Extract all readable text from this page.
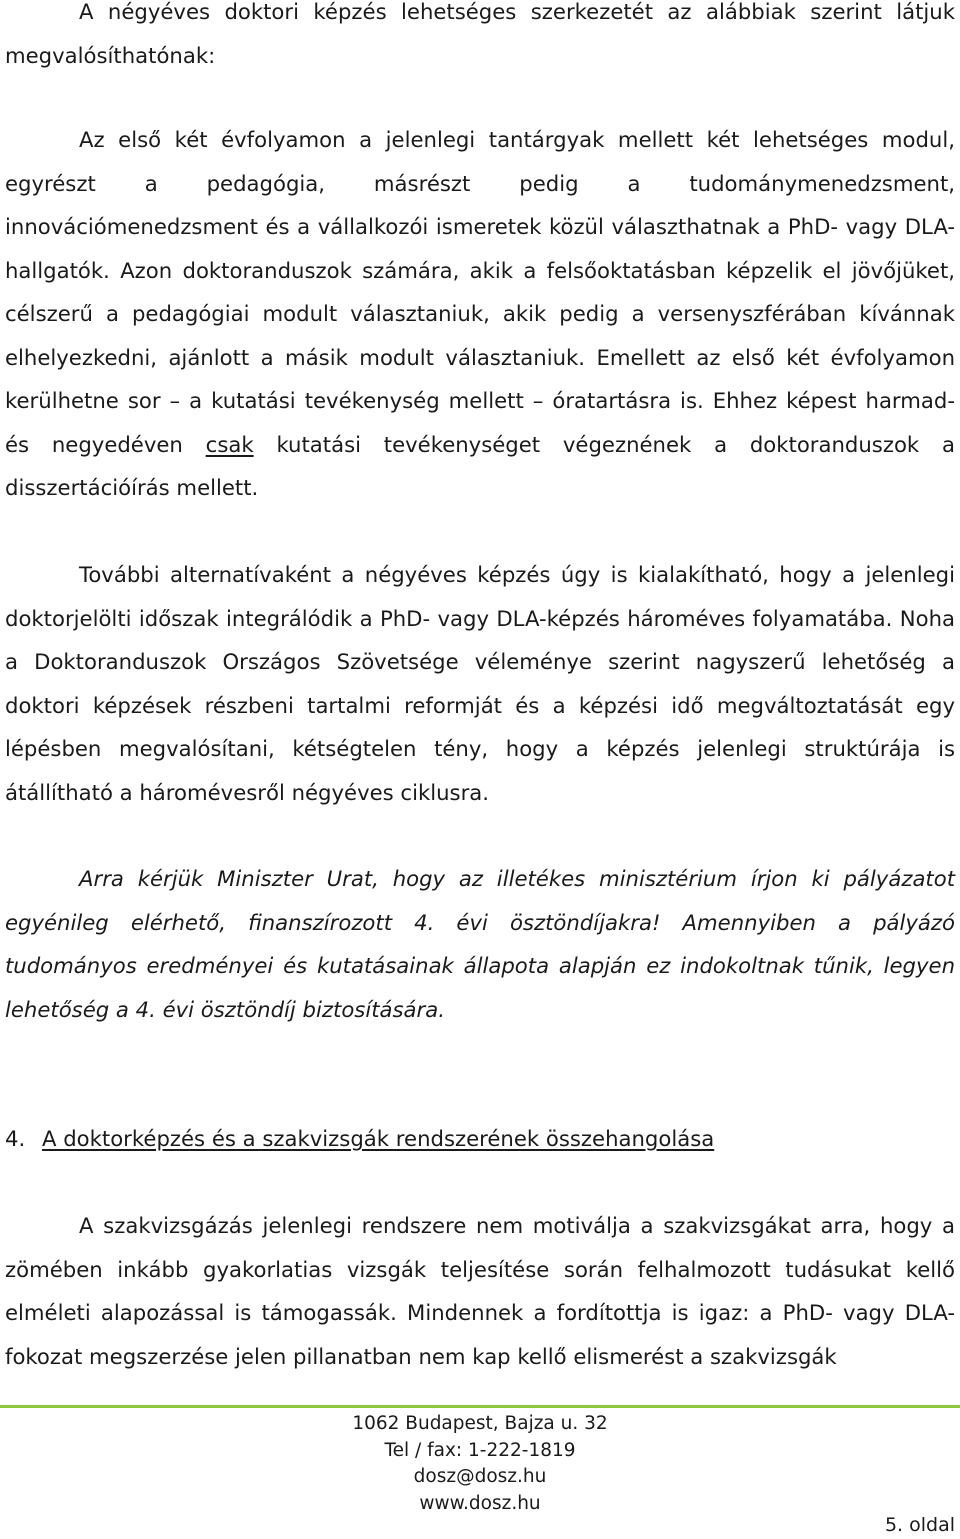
A négyéves doktori képzés lehetséges szerkezetét az alábbiak szerint látjuk megvalósíthatónak:

Az első két évfolyamon a jelenlegi tantárgyak mellett két lehetséges modul, egyrészt a pedagógia, másrészt pedig a tudománymenedzsment, innovációmenedzsment és a vállalkozói ismeretek közül választhatnak a PhD- vagy DLA-hallgatók. Azon doktoranduszok számára, akik a felsőoktatásban képzelik el jövőjüket, célszerű a pedagógiai modult választaniuk, akik pedig a versenyszférában kívánnak elhelyezkedni, ajánlott a másik modult választaniuk. Emellett az első két évfolyamon kerülhetne sor – a kutatási tevékenység mellett – óratartásra is. Ehhez képest harmad- és negyedéven csak kutatási tevékenységet végeznének a doktoranduszok a disszertációírás mellett.

További alternatívaként a négyéves képzés úgy is kialakítható, hogy a jelenlegi doktorjelölti időszak integrálódik a PhD- vagy DLA-képzés hároméves folyamatába. Noha a Doktoranduszok Országos Szövetsége véleménye szerint nagyszerű lehetőség a doktori képzések részbeni tartalmi reformját és a képzési idő megváltoztatását egy lépésben megvalósítani, kétségtelen tény, hogy a képzés jelenlegi struktúrája is átállítható a háromévesről négyéves ciklusra.

Arra kérjük Miniszter Urat, hogy az illetékes minisztérium írjon ki pályázatot egyénileg elérhető, finanszírozott 4. évi ösztöndíjakra! Amennyiben a pályázó tudományos eredményei és kutatásainak állapota alapján ez indokoltnak tűnik, legyen lehetőség a 4. évi ösztöndíj biztosítására.

4. A doktorképzés és a szakvizsgák rendszerének összehangolása

A szakvizsgázás jelenlegi rendszere nem motiválja a szakvizsgákat arra, hogy a zömében inkább gyakorlatias vizsgák teljesítése során felhalmozott tudásukat kellő elméleti alapozással is támogassák. Mindennek a fordítottja is igaz: a PhD- vagy DLA-fokozat megszerzése jelen pillanatban nem kap kellő elismerést a szakvizsgák

1062 Budapest, Bajza u. 32
Tel / fax: 1-222-1819
dosz@dosz.hu
www.dosz.hu
5. oldal
